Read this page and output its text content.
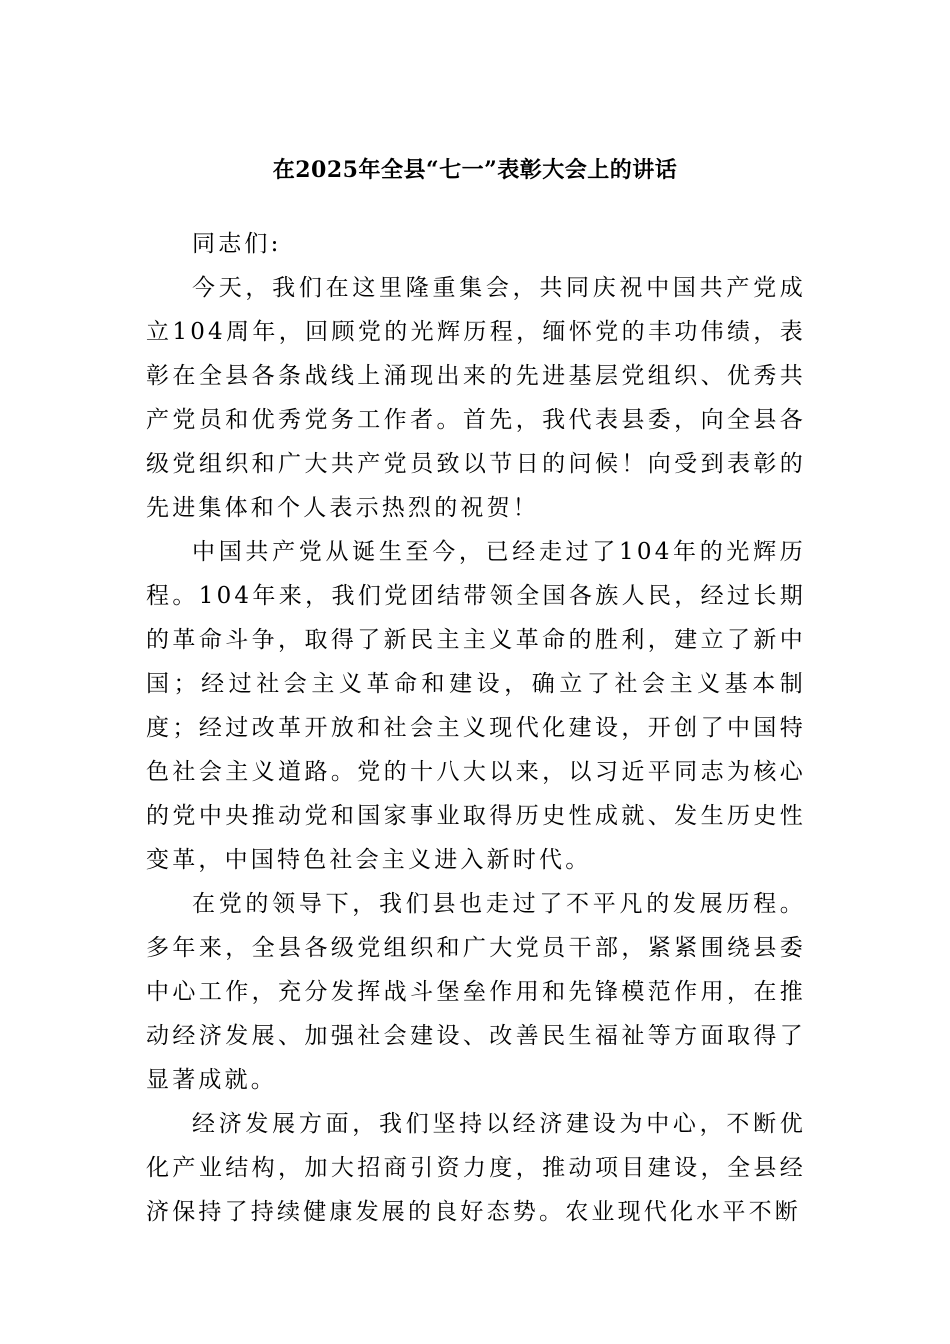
在2025年全县“七一”表彰大会上的讲话

同志们:

今天，我们在这里隆重集会，共同庆祝中国共产党成立104周年，回顾党的光辉历程，缅怀党的丰功伟绩，表彰在全县各条战线上涌现出来的先进基层党组织、优秀共产党员和优秀党务工作者。首先，我代表县委，向全县各级党组织和广大共产党员致以节日的问候！向受到表彰的先进集体和个人表示热烈的祝贺！

中国共产党从诞生至今，已经走过了104年的光辉历程。104年来，我们党团结带领全国各族人民，经过长期的革命斗争，取得了新民主主义革命的胜利，建立了新中国；经过社会主义革命和建设，确立了社会主义基本制度；经过改革开放和社会主义现代化建设，开创了中国特色社会主义道路。党的十八大以来，以习近平同志为核心的党中央推动党和国家事业取得历史性成就、发生历史性变革，中国特色社会主义进入新时代。

在党的领导下，我们县也走过了不平凡的发展历程。多年来，全县各级党组织和广大党员干部，紧紧围绕县委中心工作，充分发挥战斗堡垒作用和先锋模范作用，在推动经济发展、加强社会建设、改善民生福祉等方面取得了显著成就。

经济发展方面，我们坚持以经济建设为中心，不断优化产业结构，加大招商引资力度，推动项目建设，全县经济保持了持续健康发展的良好态势。农业现代化水平不断
